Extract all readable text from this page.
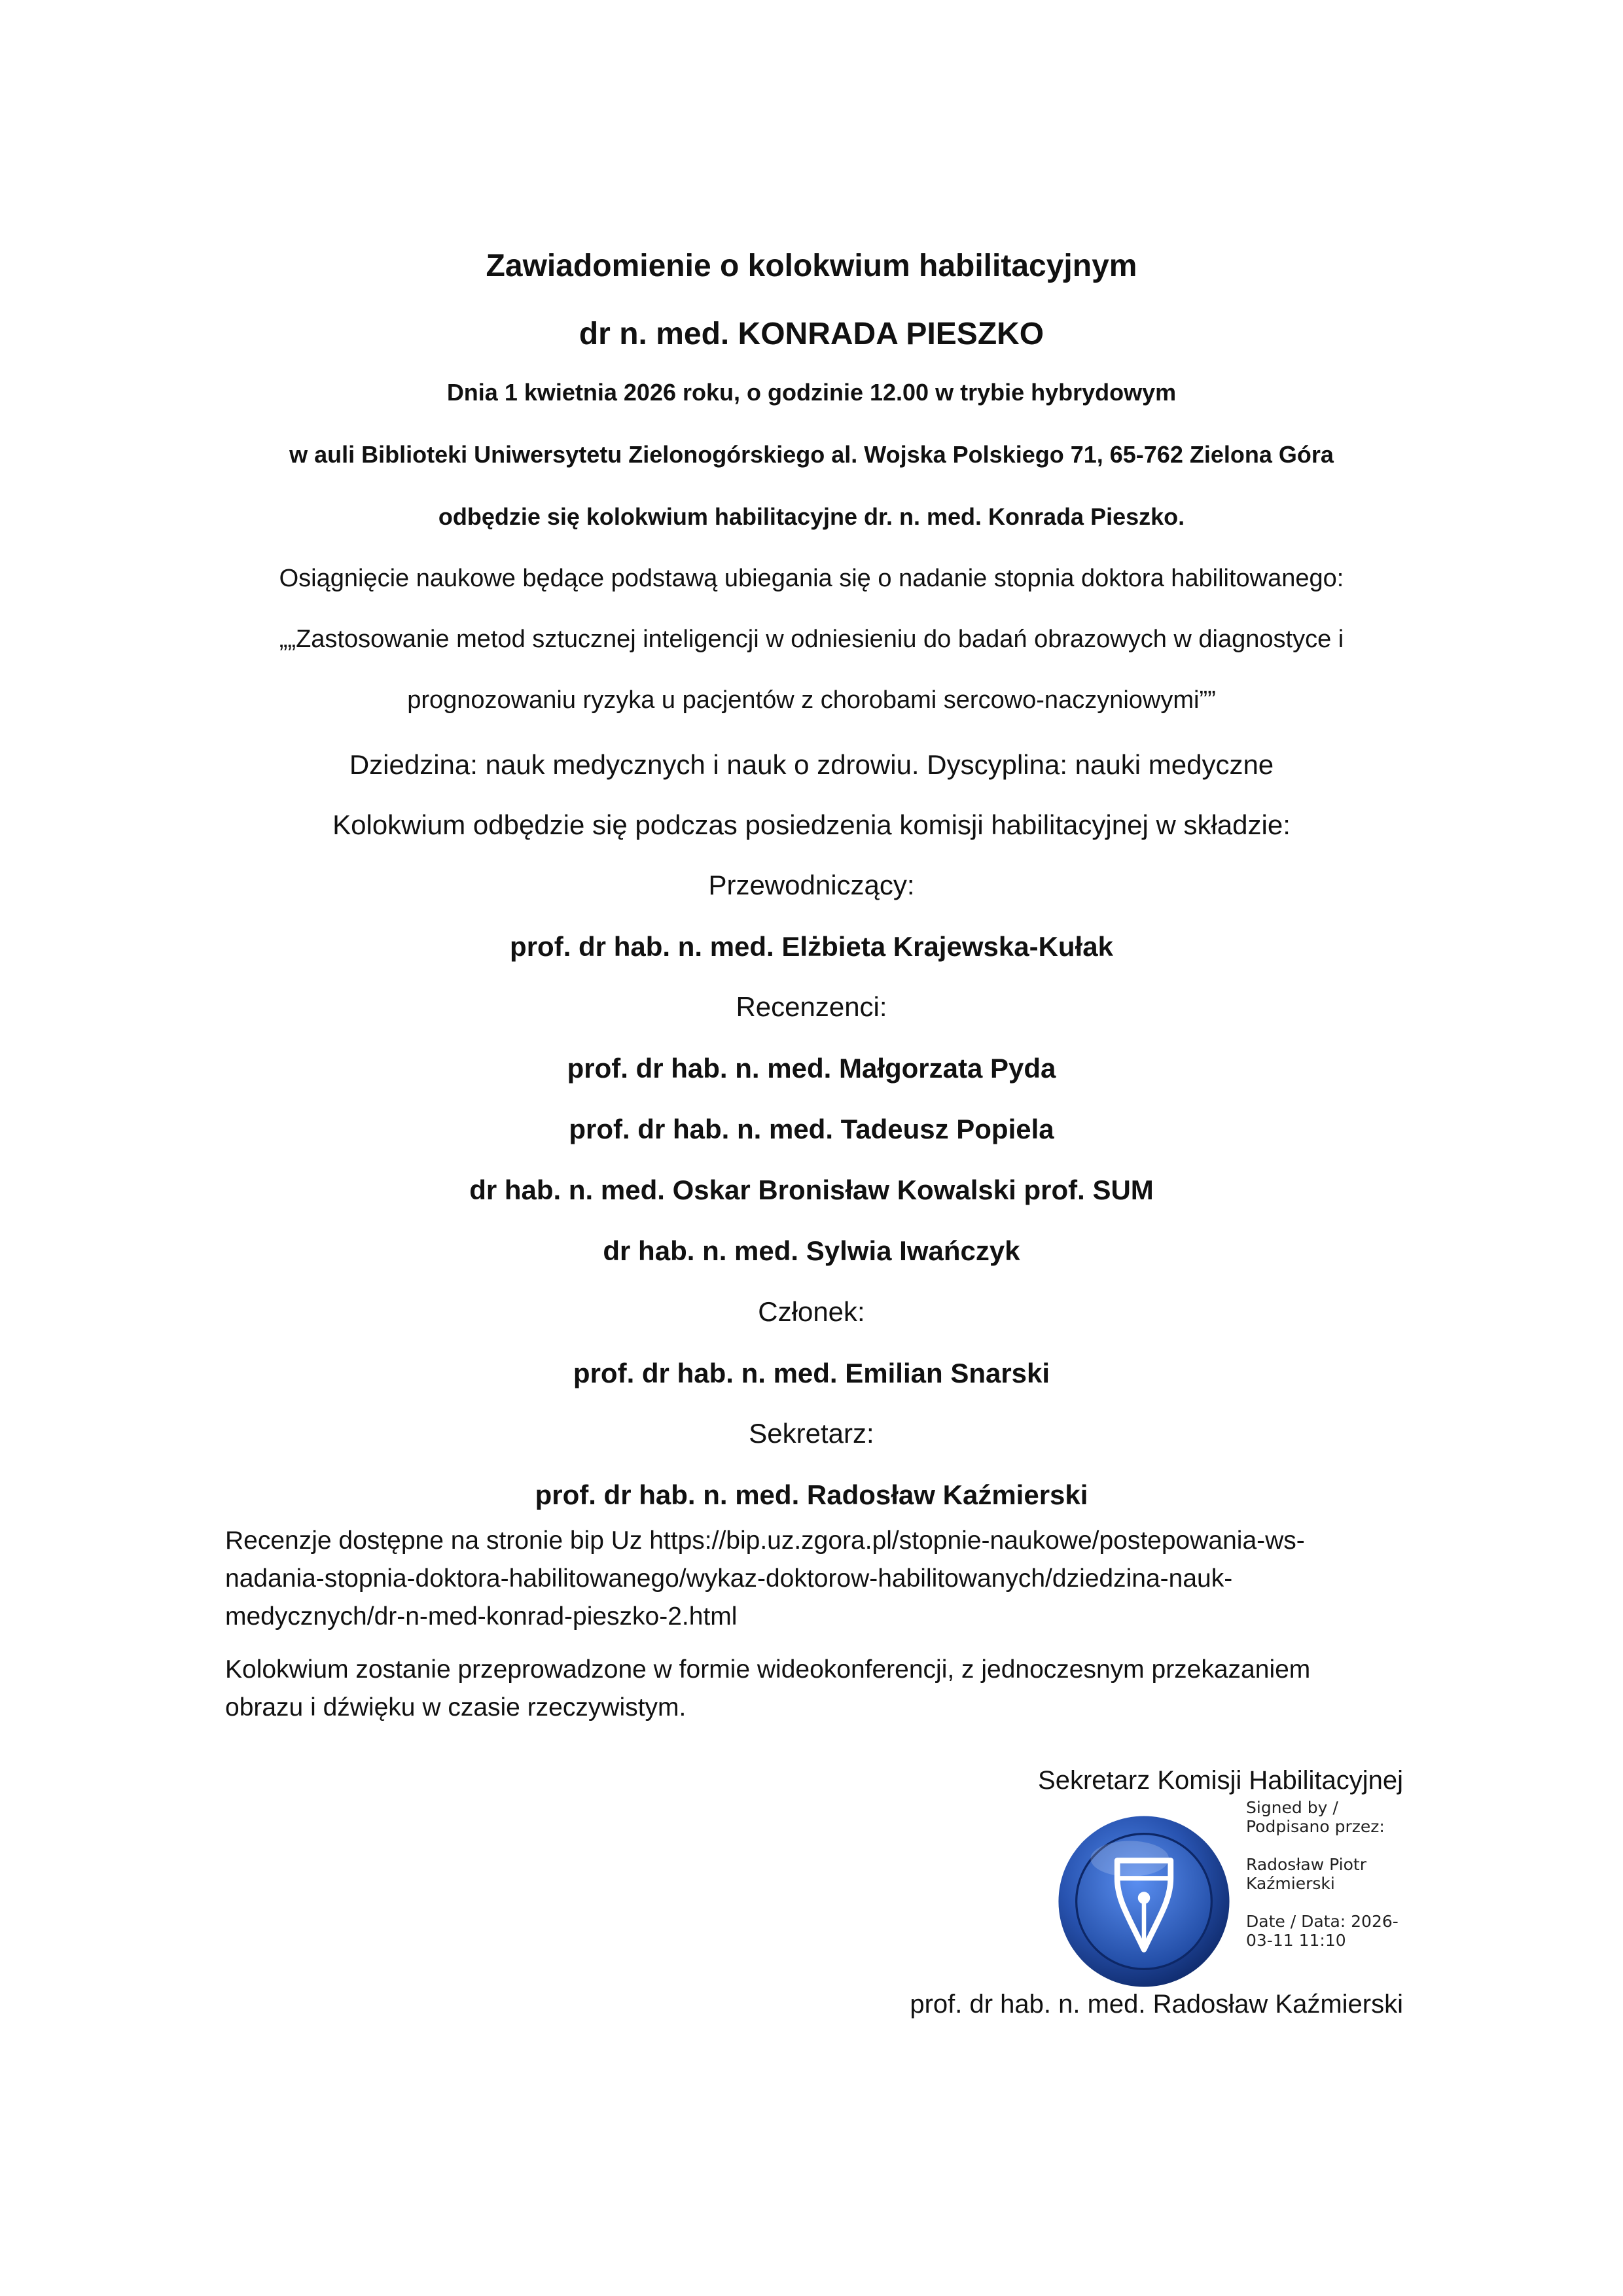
Zawiadomienie o kolokwium habilitacyjnym
dr n. med. KONRADA PIESZKO
Dnia 1 kwietnia 2026 roku, o godzinie 12.00 w trybie hybrydowym
w auli Biblioteki Uniwersytetu Zielonogórskiego al. Wojska Polskiego 71, 65-762 Zielona Góra
odbędzie się kolokwium habilitacyjne dr. n. med. Konrada Pieszko.
Osiągnięcie naukowe będące podstawą ubiegania się o nadanie stopnia doktora habilitowanego:
„„Zastosowanie metod sztucznej inteligencji w odniesieniu do badań obrazowych w diagnostyce i
prognozowaniu ryzyka u pacjentów z chorobami sercowo-naczyniowymi””
Dziedzina: nauk medycznych i nauk o zdrowiu. Dyscyplina: nauki medyczne
Kolokwium odbędzie się podczas posiedzenia komisji habilitacyjnej w składzie:
Przewodniczący:
prof. dr hab. n. med. Elżbieta Krajewska-Kułak
Recenzenci:
prof. dr hab. n. med. Małgorzata Pyda
prof. dr hab. n. med. Tadeusz Popiela
dr hab. n. med. Oskar Bronisław Kowalski prof. SUM
dr hab. n. med. Sylwia Iwańczyk
Członek:
prof. dr hab. n. med. Emilian Snarski
Sekretarz:
prof. dr hab. n. med. Radosław Kaźmierski
Recenzje dostępne na stronie bip Uz https://bip.uz.zgora.pl/stopnie-naukowe/postepowania-ws-
nadania-stopnia-doktora-habilitowanego/wykaz-doktorow-habilitowanych/dziedzina-nauk-
medycznych/dr-n-med-konrad-pieszko-2.html
Kolokwium zostanie przeprowadzone w formie wideokonferencji, z jednoczesnym przekazaniem
obrazu i dźwięku w czasie rzeczywistym.
Sekretarz Komisji Habilitacyjnej
Signed by /
Podpisano przez:
Radosław Piotr
Kaźmierski
Date / Data: 2026-
03-11 11:10
prof. dr hab. n. med. Radosław Kaźmierski
